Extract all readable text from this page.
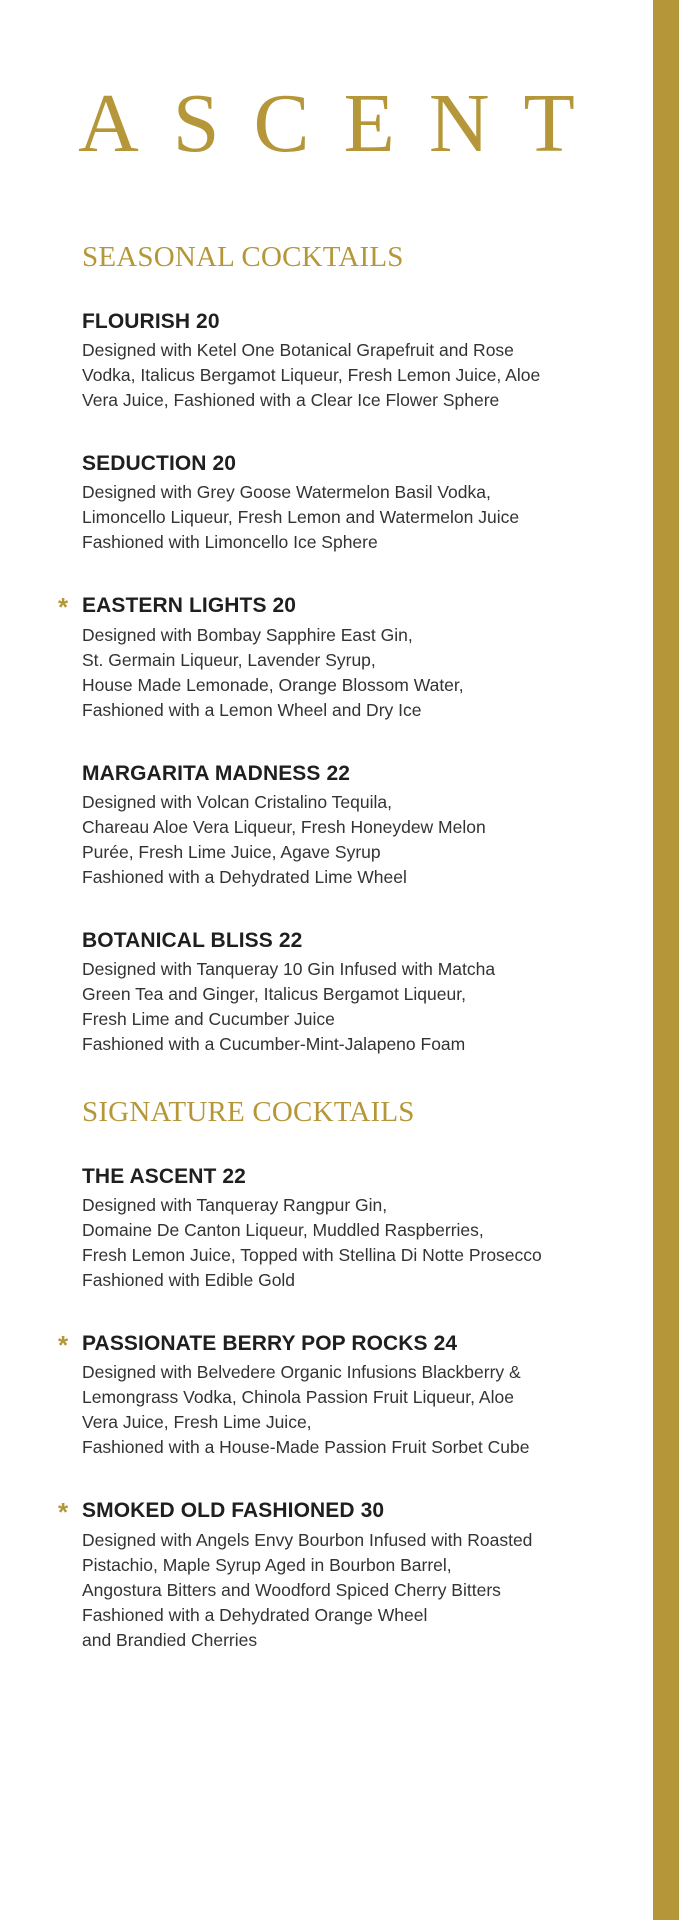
ASCENT
SEASONAL COCKTAILS
FLOURISH 20

Designed with Ketel One Botanical Grapefruit and Rose
Vodka, Italicus Bergamot Liqueur, Fresh Lemon Juice, Aloe
Vera Juice, Fashioned with a Clear Ice Flower Sphere

SEDUCTION 20

Designed with Grey Goose Watermelon Basil Vodka,
Limoncello Liqueur, Fresh Lemon and Watermelon Juice
Fashioned with Limoncello Ice Sphere

* EASTERN LIGHTS 20

Designed with Bombay Sapphire East Gin,
St. Germain Liqueur, Lavender Syrup,
House Made Lemonade, Orange Blossom Water,
Fashioned with a Lemon Wheel and Dry Ice

MARGARITA MADNESS 22

Designed with Volcan Cristalino Tequila,
Chareau Aloe Vera Liqueur, Fresh Honeydew Melon
Purée, Fresh Lime Juice, Agave Syrup
Fashioned with a Dehydrated Lime Wheel

BOTANICAL BLISS 22

Designed with Tanqueray 10 Gin Infused with Matcha
Green Tea and Ginger, Italicus Bergamot Liqueur,
Fresh Lime and Cucumber Juice
Fashioned with a Cucumber-Mint-Jalapeno Foam

SIGNATURE COCKTAILS
THE ASCENT 22

Designed with Tanqueray Rangpur Gin,
Domaine De Canton Liqueur, Muddled Raspberries,
Fresh Lemon Juice, Topped with Stellina Di Notte Prosecco
Fashioned with Edible Gold

* PASSIONATE BERRY POP ROCKS 24

Designed with Belvedere Organic Infusions Blackberry &
Lemongrass Vodka, Chinola Passion Fruit Liqueur, Aloe
Vera Juice, Fresh Lime Juice,
Fashioned with a House-Made Passion Fruit Sorbet Cube

* SMOKED OLD FASHIONED 30

Designed with Angels Envy Bourbon Infused with Roasted
Pistachio, Maple Syrup Aged in Bourbon Barrel,
Angostura Bitters and Woodford Spiced Cherry Bitters
Fashioned with a Dehydrated Orange Wheel
and Brandied Cherries
